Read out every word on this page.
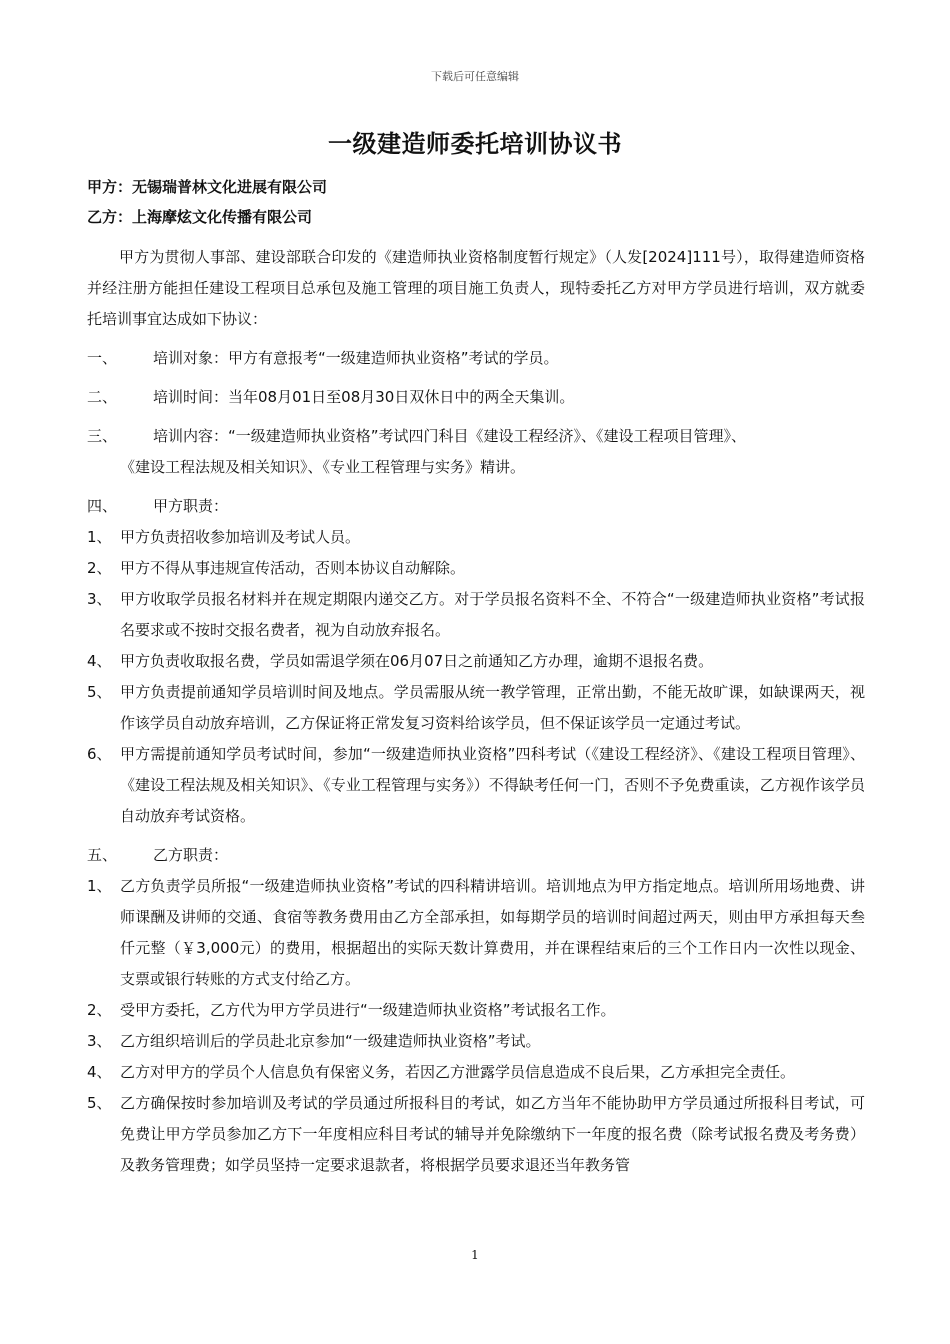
下载后可任意编辑
一级建造师委托培训协议书
甲方：无锡瑞普林文化进展有限公司
乙方：上海摩炫文化传播有限公司
甲方为贯彻人事部、建设部联合印发的《建造师执业资格制度暂行规定》（人发[2024]111号），取得建造师资格并经注册方能担任建设工程项目总承包及施工管理的项目施工负责人，现特委托乙方对甲方学员进行培训，双方就委托培训事宜达成如下协议：
一、 培训对象：甲方有意报考“一级建造师执业资格”考试的学员。
二、 培训时间：当年08月01日至08月30日双休日中的两全天集训。
三、 培训内容：“一级建造师执业资格”考试四门科目《建设工程经济》、《建设工程项目管理》、
《建设工程法规及相关知识》、《专业工程管理与实务》精讲。
四、 甲方职责：
1、 甲方负责招收参加培训及考试人员。
2、 甲方不得从事违规宣传活动，否则本协议自动解除。
3、 甲方收取学员报名材料并在规定期限内递交乙方。对于学员报名资料不全、不符合“一级建造师执业资格”考试报名要求或不按时交报名费者，视为自动放弃报名。
4、 甲方负责收取报名费，学员如需退学须在06月07日之前通知乙方办理，逾期不退报名费。
5、 甲方负责提前通知学员培训时间及地点。学员需服从统一教学管理，正常出勤，不能无故旷课，如缺课两天，视作该学员自动放弃培训，乙方保证将正常发复习资料给该学员，但不保证该学员一定通过考试。
6、 甲方需提前通知学员考试时间，参加“一级建造师执业资格”四科考试（《建设工程经济》、《建设工程项目管理》、《建设工程法规及相关知识》、《专业工程管理与实务》）不得缺考任何一门，否则不予免费重读，乙方视作该学员自动放弃考试资格。
五、 乙方职责：
1、 乙方负责学员所报“一级建造师执业资格”考试的四科精讲培训。培训地点为甲方指定地点。培训所用场地费、讲师课酬及讲师的交通、食宿等教务费用由乙方全部承担，如每期学员的培训时间超过两天，则由甲方承担每天叁仟元整（￥3,000元）的费用，根据超出的实际天数计算费用，并在课程结束后的三个工作日内一次性以现金、支票或银行转账的方式支付给乙方。
2、 受甲方委托，乙方代为甲方学员进行“一级建造师执业资格”考试报名工作。
3、 乙方组织培训后的学员赴北京参加“一级建造师执业资格”考试。
4、 乙方对甲方的学员个人信息负有保密义务，若因乙方泄露学员信息造成不良后果，乙方承担完全责任。
5、 乙方确保按时参加培训及考试的学员通过所报科目的考试，如乙方当年不能协助甲方学员通过所报科目考试，可免费让甲方学员参加乙方下一年度相应科目考试的辅导并免除缴纳下一年度的报名费（除考试报名费及考务费）及教务管理费；如学员坚持一定要求退款者，将根据学员要求退还当年教务管
1
